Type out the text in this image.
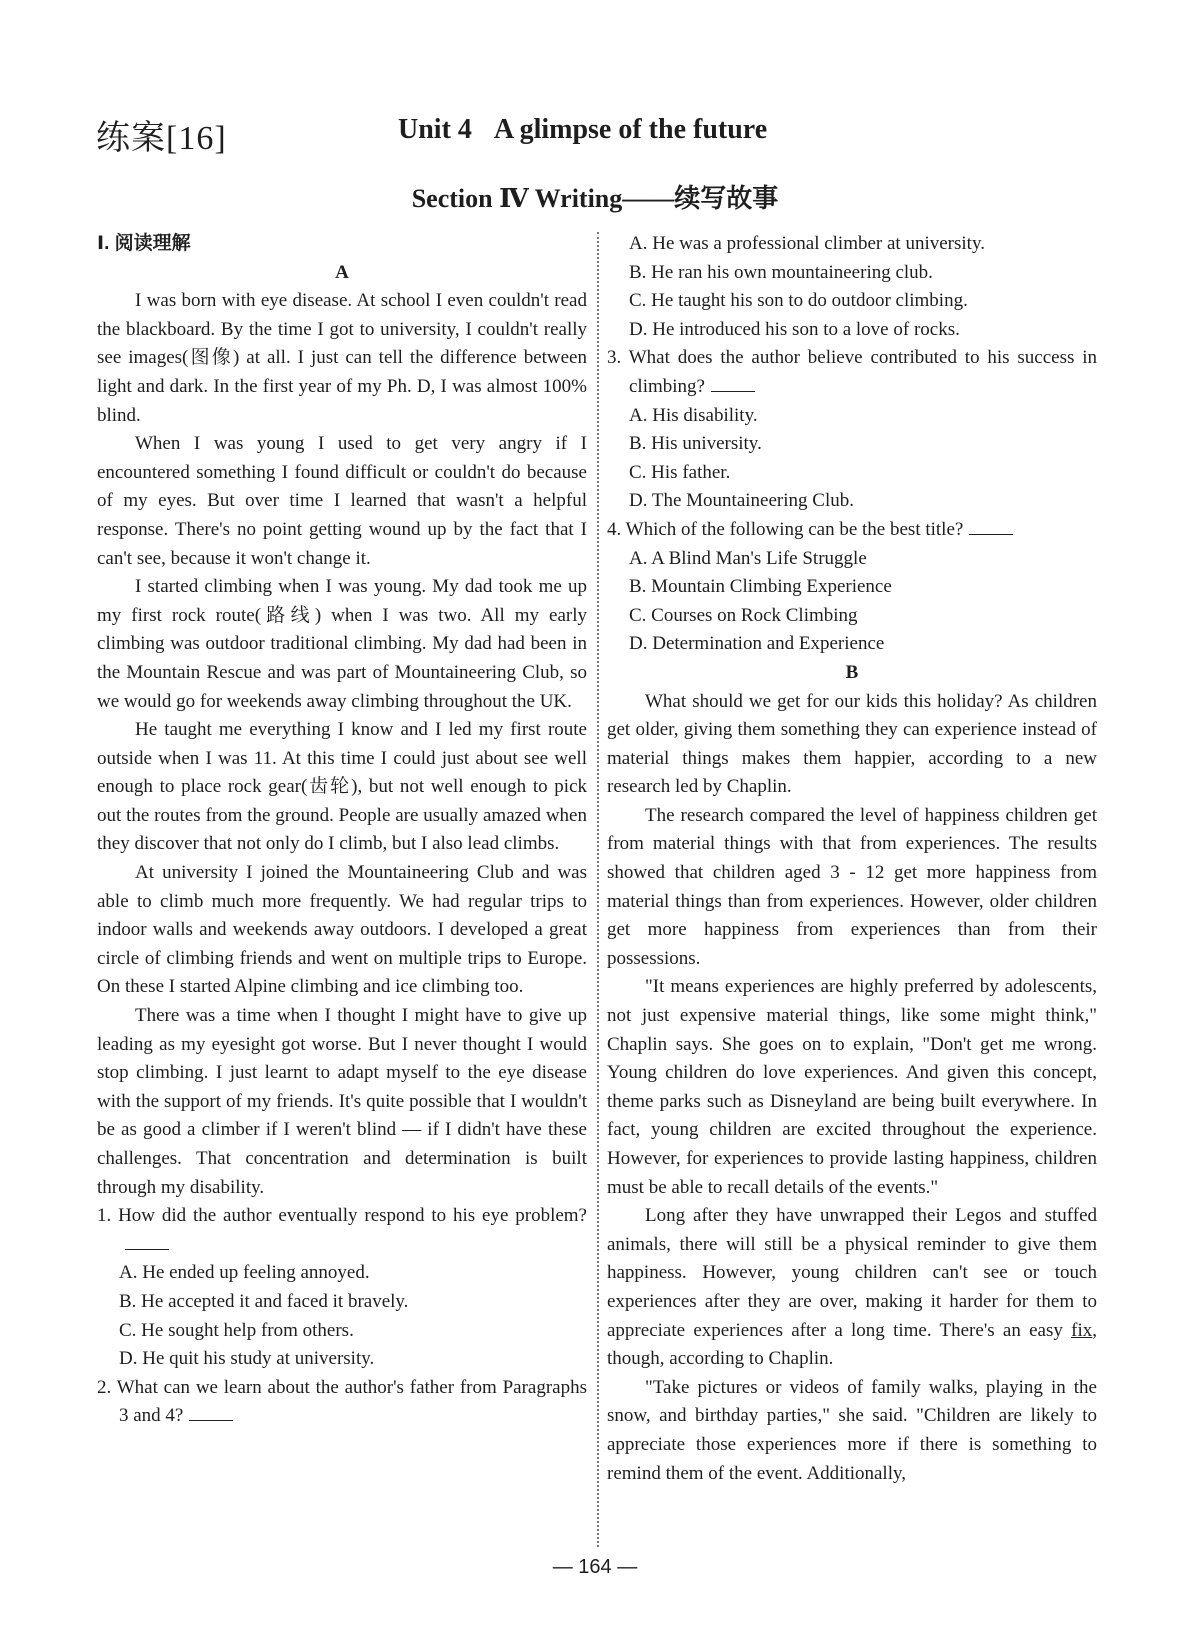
练案[16]	Unit 4 A glimpse of the future
Section Ⅳ Writing——续写故事

Ⅰ. 阅读理解

A

I was born with eye disease. At school I even couldn't read the blackboard. By the time I got to university, I couldn't really see images(图像) at all. I just can tell the difference between light and dark. In the first year of my Ph. D, I was almost 100% blind.

When I was young I used to get very angry if I encountered something I found difficult or couldn't do because of my eyes. But over time I learned that wasn't a helpful response. There's no point getting wound up by the fact that I can't see, because it won't change it.

I started climbing when I was young. My dad took me up my first rock route(路线) when I was two. All my early climbing was outdoor traditional climbing. My dad had been in the Mountain Rescue and was part of Mountaineering Club, so we would go for weekends away climbing throughout the UK.

He taught me everything I know and I led my first route outside when I was 11. At this time I could just about see well enough to place rock gear(齿轮), but not well enough to pick out the routes from the ground. People are usually amazed when they discover that not only do I climb, but I also lead climbs.

At university I joined the Mountaineering Club and was able to climb much more frequently. We had regular trips to indoor walls and weekends away outdoors. I developed a great circle of climbing friends and went on multiple trips to Europe. On these I started Alpine climbing and ice climbing too.

There was a time when I thought I might have to give up leading as my eyesight got worse. But I never thought I would stop climbing. I just learnt to adapt myself to the eye disease with the support of my friends. It's quite possible that I wouldn't be as good a climber if I weren't blind — if I didn't have these challenges. That concentration and determination is built through my disability.

1. How did the author eventually respond to his eye problem?

A. He ended up feeling annoyed.

B. He accepted it and faced it bravely.

C. He sought help from others.

D. He quit his study at university.

2. What can we learn about the author's father from Paragraphs 3 and 4?

A. He was a professional climber at university.

B. He ran his own mountaineering club.

C. He taught his son to do outdoor climbing.

D. He introduced his son to a love of rocks.

3. What does the author believe contributed to his success in climbing?

A. His disability.

B. His university.

C. His father.

D. The Mountaineering Club.

4. Which of the following can be the best title?

A. A Blind Man's Life Struggle

B. Mountain Climbing Experience

C. Courses on Rock Climbing

D. Determination and Experience

B

What should we get for our kids this holiday? As children get older, giving them something they can experience instead of material things makes them happier, according to a new research led by Chaplin.

The research compared the level of happiness children get from material things with that from experiences. The results showed that children aged 3 - 12 get more happiness from material things than from experiences. However, older children get more happiness from experiences than from their possessions.

"It means experiences are highly preferred by adolescents, not just expensive material things, like some might think," Chaplin says. She goes on to explain, "Don't get me wrong. Young children do love experiences. And given this concept, theme parks such as Disneyland are being built everywhere. In fact, young children are excited throughout the experience. However, for experiences to provide lasting happiness, children must be able to recall details of the events."

Long after they have unwrapped their Legos and stuffed animals, there will still be a physical reminder to give them happiness. However, young children can't see or touch experiences after they are over, making it harder for them to appreciate experiences after a long time. There's an easy fix, though, according to Chaplin.

"Take pictures or videos of family walks, playing in the snow, and birthday parties," she said. "Children are likely to appreciate those experiences more if there is something to remind them of the event. Additionally,

— 164 —
